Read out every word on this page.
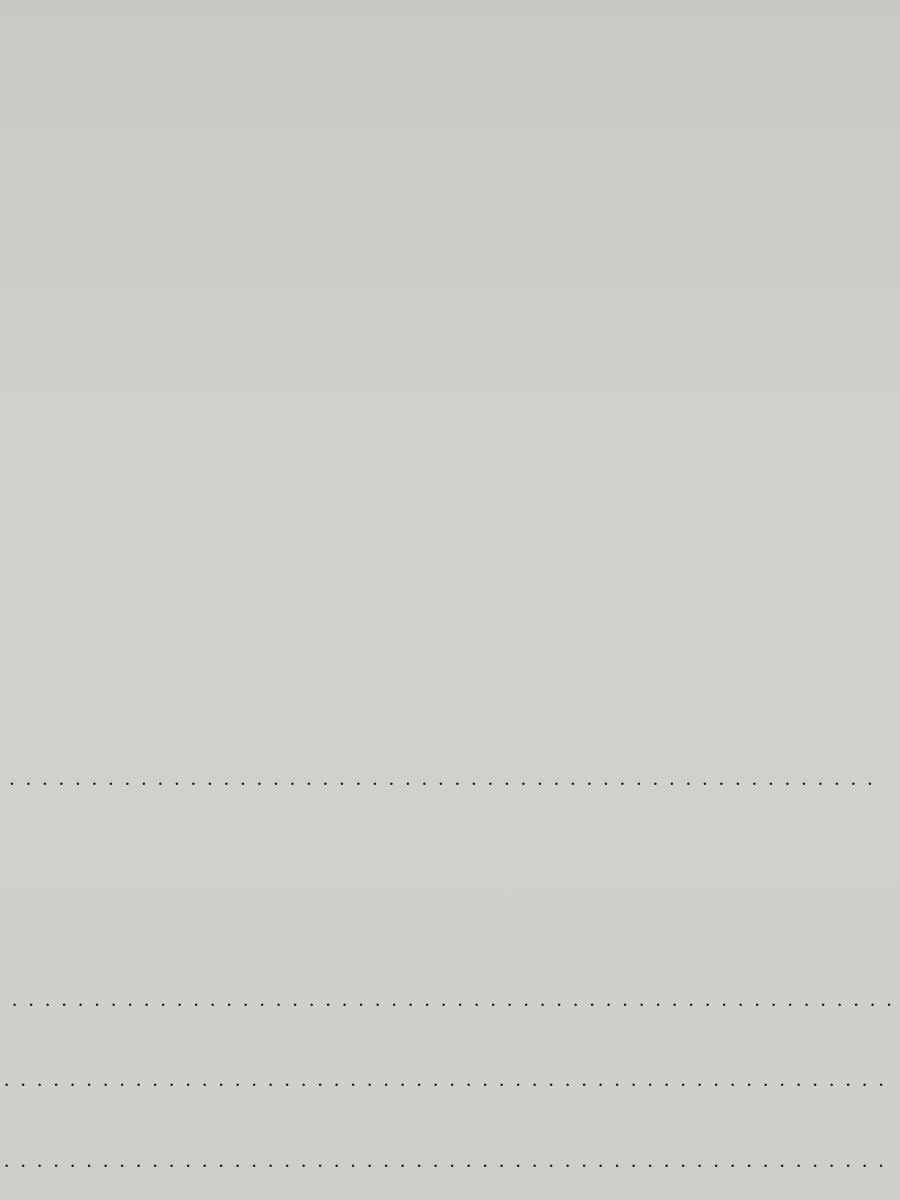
. . .

. . .
. . .
. . .
